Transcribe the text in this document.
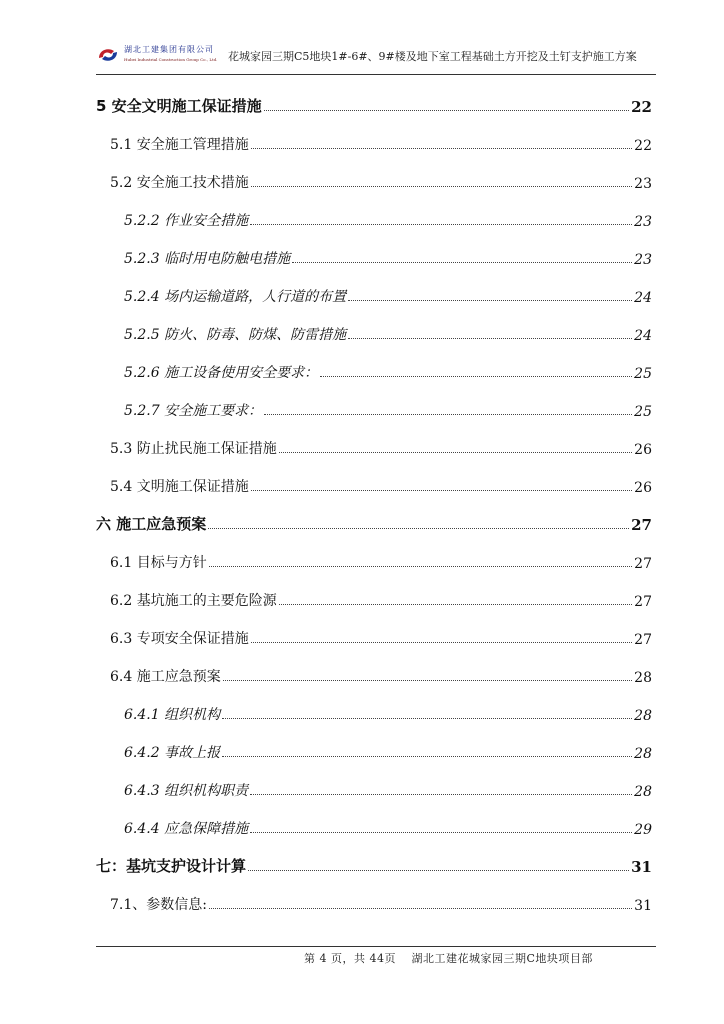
湖北工建集团有限公司
Hubei Industrial Construction Group Co., Ltd. 花城家园三期C5地块1#-6#、9#楼及地下室工程基础土方开挖及土钉支护施工方案
5 安全文明施工保证措施	22
5.1 安全施工管理措施	22
5.2 安全施工技术措施	23
5.2.2 作业安全措施	23
5.2.3 临时用电防触电措施	23
5.2.4 场内运输道路，人行道的布置	24
5.2.5 防火、防毒、防煤、防雷措施	24
5.2.6 施工设备使用安全要求：	25
5.2.7 安全施工要求：	25
5.3 防止扰民施工保证措施	26
5.4 文明施工保证措施	26
六 施工应急预案	27
6.1 目标与方针	27
6.2 基坑施工的主要危险源	27
6.3 专项安全保证措施	27
6.4 施工应急预案	28
6.4.1 组织机构	28
6.4.2 事故上报	28
6.4.3 组织机构职责	28
6.4.4 应急保障措施	29
七：基坑支护设计计算	31
7.1、参数信息:	31
第 4 页，共 44页　 湖北工建花城家园三期C地块项目部
